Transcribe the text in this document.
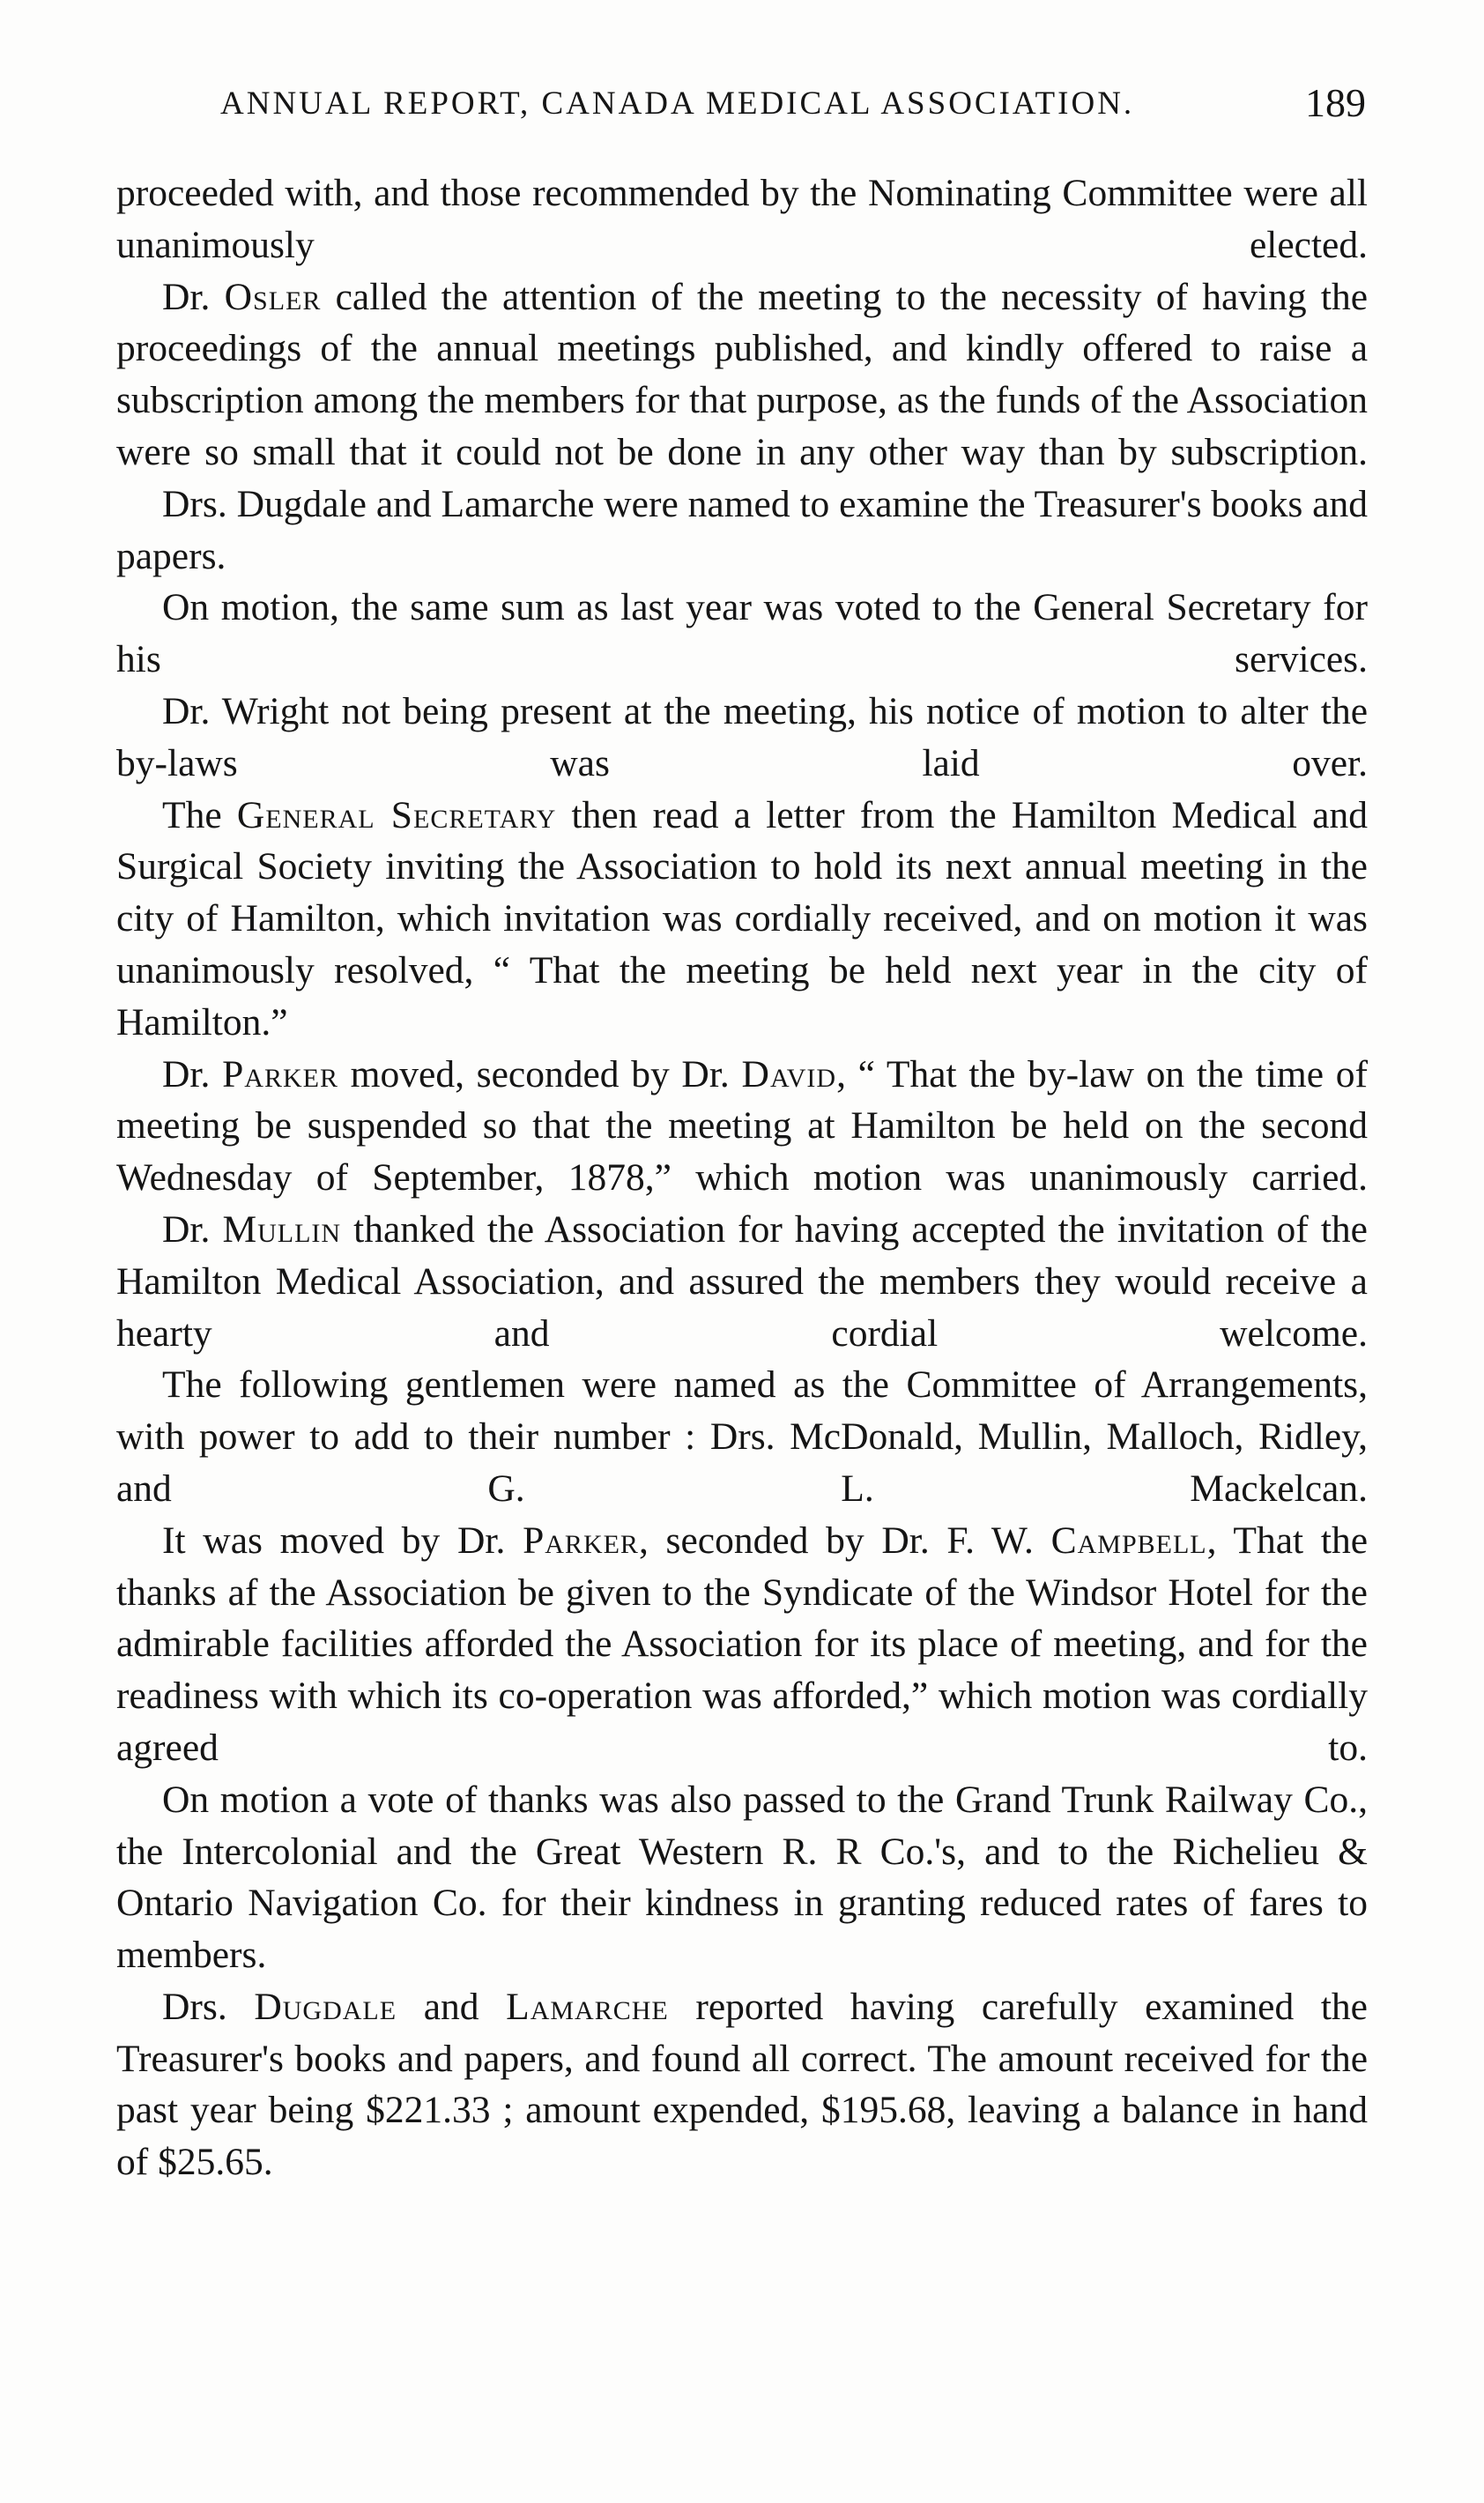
ANNUAL REPORT, CANADA MEDICAL ASSOCIATION.	189

proceeded with, and those recommended by the Nominating Committee were all unanimously elected.

Dr. Osler called the attention of the meeting to the necessity of having the proceedings of the annual meetings published, and kindly offered to raise a subscription among the members for that purpose, as the funds of the Association were so small that it could not be done in any other way than by subscription.

Drs. Dugdale and Lamarche were named to examine the Treasurer's books and papers.

On motion, the same sum as last year was voted to the General Secretary for his services.

Dr. Wright not being present at the meeting, his notice of motion to alter the by-laws was laid over.

The General Secretary then read a letter from the Hamilton Medical and Surgical Society inviting the Association to hold its next annual meeting in the city of Hamilton, which invitation was cordially received, and on motion it was unanimously resolved, “ That the meeting be held next year in the city of Hamilton.”

Dr. Parker moved, seconded by Dr. David, “ That the by-law on the time of meeting be suspended so that the meeting at Hamilton be held on the second Wednesday of September, 1878,” which motion was unanimously carried.

Dr. Mullin thanked the Association for having accepted the invitation of the Hamilton Medical Association, and assured the members they would receive a hearty and cordial welcome.

The following gentlemen were named as the Committee of Arrangements, with power to add to their number : Drs. McDonald, Mullin, Malloch, Ridley, and G. L. Mackelcan.

It was moved by Dr. Parker, seconded by Dr. F. W. Campbell, That the thanks af the Association be given to the Syndicate of the Windsor Hotel for the admirable facilities afforded the Association for its place of meeting, and for the readiness with which its co-operation was afforded,” which motion was cordially agreed to.

On motion a vote of thanks was also passed to the Grand Trunk Railway Co., the Intercolonial and the Great Western R. R Co.'s, and to the Richelieu & Ontario Navigation Co. for their kindness in granting reduced rates of fares to members.

Drs. Dugdale and Lamarche reported having carefully examined the Treasurer's books and papers, and found all correct. The amount received for the past year being $221.33 ; amount expended, $195.68, leaving a balance in hand of $25.65.
